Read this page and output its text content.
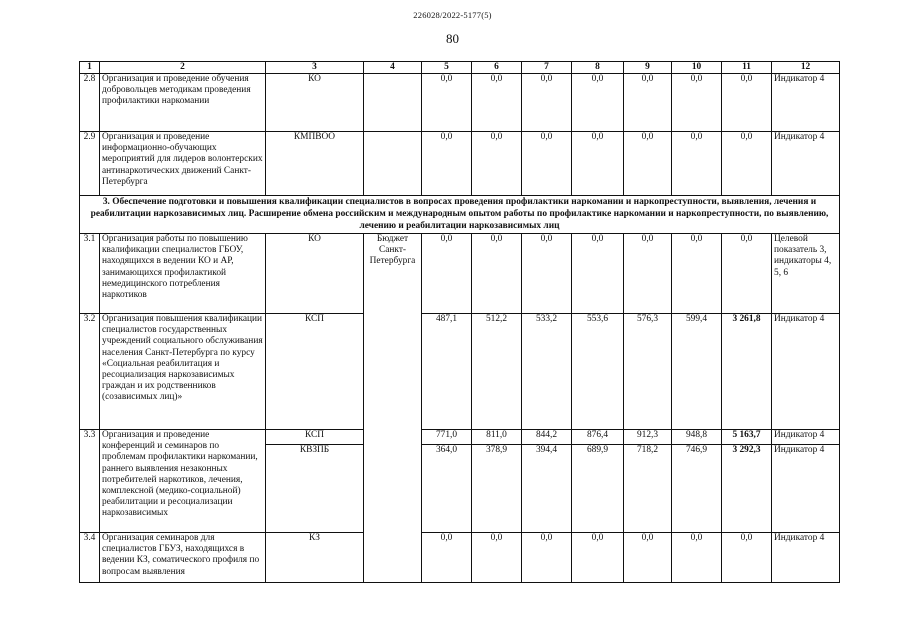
226028/2022-5177(5)
80
1	2	3	4	5	6	7	8	9	10	11	12
2.8	Организация и проведение обучения добровольцев методикам проведения профилактики наркомании	КО		0,0	0,0	0,0	0,0	0,0	0,0	0,0	Индикатор 4
2.9	Организация и проведение информационно-обучающих мероприятий для лидеров волонтерских антинаркотических движений Санкт-Петербурга	КМПВОО		0,0	0,0	0,0	0,0	0,0	0,0	0,0	Индикатор 4
3. Обеспечение подготовки и повышения квалификации специалистов в вопросах проведения профилактики наркомании и наркопреступности, выявления, лечения и реабилитации наркозависимых лиц. Расширение обмена российским и международным опытом работы по профилактике наркомании и наркопреступности, по выявлению, лечению и реабилитации наркозависимых лиц											
3.1	Организация работы по повышению квалификации специалистов ГБОУ, находящихся в ведении КО и АР, занимающихся профилактикой немедицинского потребления наркотиков	КО	Бюджет Санкт-Петербурга	0,0	0,0	0,0	0,0	0,0	0,0	0,0	Целевой показатель 3, индикаторы 4, 5, 6
3.2	Организация повышения квалификации специалистов государственных учреждений социального обслуживания населения Санкт-Петербурга по курсу «Социальная реабилитация и ресоциализация наркозависимых граждан и их родственников (созависимых лиц)»	КСП		487,1	512,2	533,2	553,6	576,3	599,4	3 261,8	Индикатор 4
3.3	Организация и проведение конференций и семинаров по проблемам профилактики наркомании, раннего выявления незаконных потребителей наркотиков, лечения, комплексной (медико-социальной) реабилитации и ресоциализации наркозависимых	КСП		771,0	811,0	844,2	876,4	912,3	948,8	5 163,7	Индикатор 4
		КВЗПБ		364,0	378,9	394,4	689,9	718,2	746,9	3 292,3	Индикатор 4
3.4	Организация семинаров для специалистов ГБУЗ, находящихся в ведении КЗ, соматического профиля по вопросам выявления	КЗ		0,0	0,0	0,0	0,0	0,0	0,0	0,0	Индикатор 4
